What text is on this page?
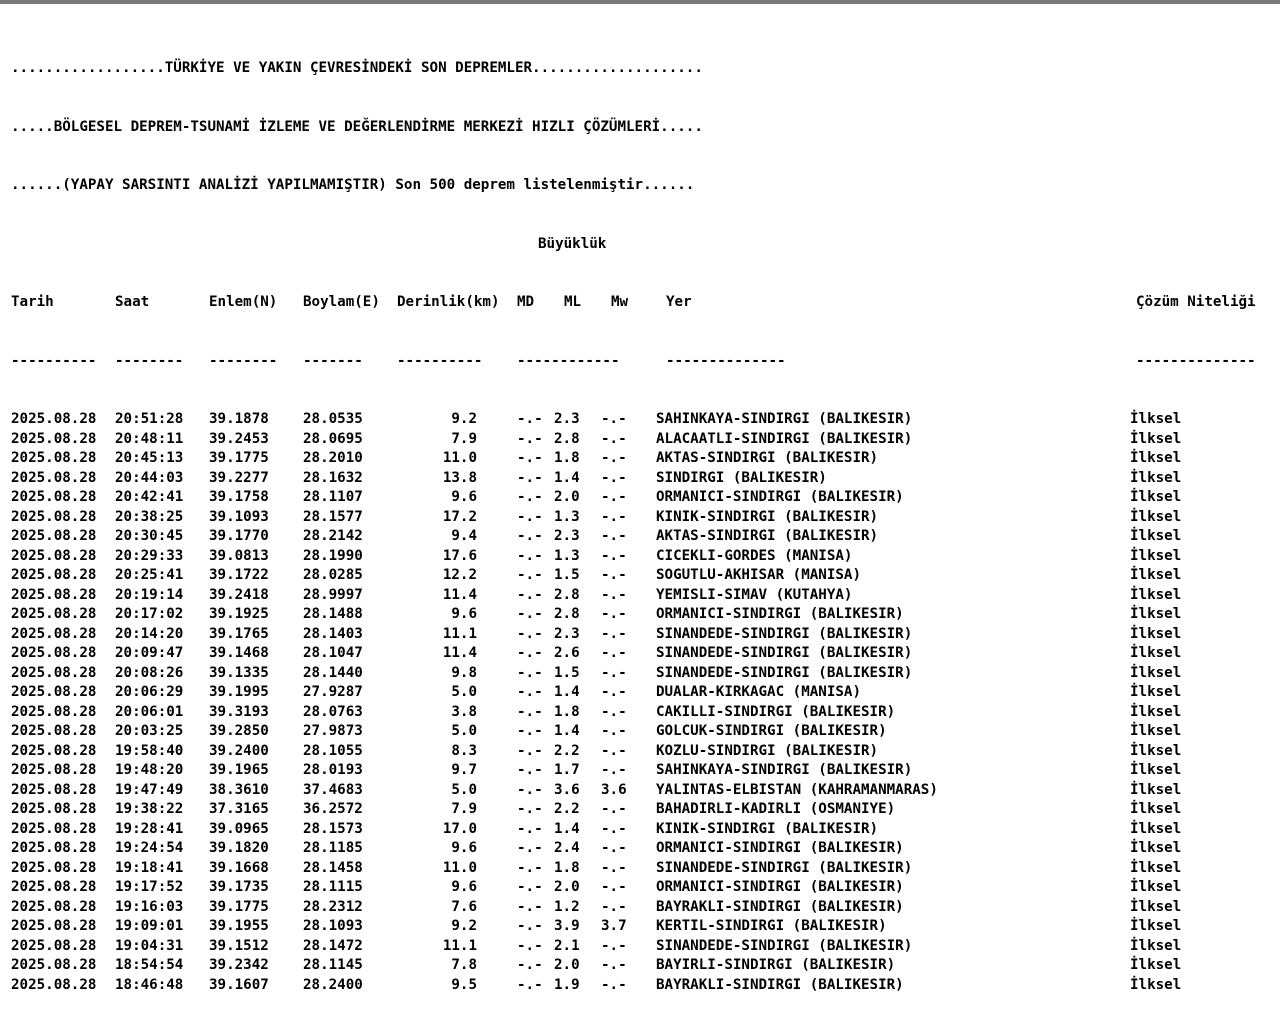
..................TÜRKİYE VE YAKIN ÇEVRESİNDEKİ SON DEPREMLER....................

.....BÖLGESEL DEPREM-TSUNAMİ İZLEME VE DEĞERLENDİRME MERKEZİ HIZLI ÇÖZÜMLERİ.....

......(YAPAY SARSINTI ANALİZİ YAPILMAMIŞTIR) Son 500 deprem listelenmiştir......

Büyüklük

Tarih	Saat	Enlem(N) Boylam(E) Derinlik(km) MD ML Mw	Yer	Çözüm Niteliği

---------- -------- -------- ------- ---------- ------------	--------------	--------------

2025.08.28 20:51:28 39.1878 28.0535	9.2	-.- 2.3 -.- SAHINKAYA-SINDIRGI (BALIKESIR)	İlksel
2025.08.28 20:48:11 39.2453 28.0695	7.9	-.- 2.8 -.- ALACAATLI-SINDIRGI (BALIKESIR)	İlksel
2025.08.28 20:45:13 39.1775 28.2010	11.0	-.- 1.8 -.- AKTAS-SINDIRGI (BALIKESIR)	İlksel
2025.08.28 20:44:03 39.2277 28.1632	13.8	-.- 1.4 -.- SINDIRGI (BALIKESIR)	İlksel
2025.08.28 20:42:41 39.1758 28.1107	9.6	-.- 2.0 -.- ORMANICI-SINDIRGI (BALIKESIR)	İlksel
2025.08.28 20:38:25 39.1093 28.1577	17.2	-.- 1.3 -.- KINIK-SINDIRGI (BALIKESIR)	İlksel
2025.08.28 20:30:45 39.1770 28.2142	9.4	-.- 2.3 -.- AKTAS-SINDIRGI (BALIKESIR)	İlksel
2025.08.28 20:29:33 39.0813 28.1990	17.6	-.- 1.3 -.- CICEKLI-GORDES (MANISA)	İlksel
2025.08.28 20:25:41 39.1722 28.0285	12.2	-.- 1.5 -.- SOGUTLU-AKHISAR (MANISA)	İlksel
2025.08.28 20:19:14 39.2418 28.9997	11.4	-.- 2.8 -.- YEMISLI-SIMAV (KUTAHYA)	İlksel
2025.08.28 20:17:02 39.1925 28.1488	9.6	-.- 2.8 -.- ORMANICI-SINDIRGI (BALIKESIR)	İlksel
2025.08.28 20:14:20 39.1765 28.1403	11.1	-.- 2.3 -.- SINANDEDE-SINDIRGI (BALIKESIR)	İlksel
2025.08.28 20:09:47 39.1468 28.1047	11.4	-.- 2.6 -.- SINANDEDE-SINDIRGI (BALIKESIR)	İlksel
2025.08.28 20:08:26 39.1335 28.1440	9.8	-.- 1.5 -.- SINANDEDE-SINDIRGI (BALIKESIR)	İlksel
2025.08.28 20:06:29 39.1995 27.9287	5.0	-.- 1.4 -.- DUALAR-KIRKAGAC (MANISA)	İlksel
2025.08.28 20:06:01 39.3193 28.0763	3.8	-.- 1.8 -.- CAKILLI-SINDIRGI (BALIKESIR)	İlksel
2025.08.28 20:03:25 39.2850 27.9873	5.0	-.- 1.4 -.- GOLCUK-SINDIRGI (BALIKESIR)	İlksel
2025.08.28 19:58:40 39.2400 28.1055	8.3	-.- 2.2 -.- KOZLU-SINDIRGI (BALIKESIR)	İlksel
2025.08.28 19:48:20 39.1965 28.0193	9.7	-.- 1.7 -.- SAHINKAYA-SINDIRGI (BALIKESIR)	İlksel
2025.08.28 19:47:49 38.3610 37.4683	5.0	-.- 3.6 3.6 YALINTAS-ELBISTAN (KAHRAMANMARAS)	İlksel
2025.08.28 19:38:22 37.3165 36.2572	7.9	-.- 2.2 -.- BAHADIRLI-KADIRLI (OSMANIYE)	İlksel
2025.08.28 19:28:41 39.0965 28.1573	17.0	-.- 1.4 -.- KINIK-SINDIRGI (BALIKESIR)	İlksel
2025.08.28 19:24:54 39.1820 28.1185	9.6	-.- 2.4 -.- ORMANICI-SINDIRGI (BALIKESIR)	İlksel
2025.08.28 19:18:41 39.1668 28.1458	11.0	-.- 1.8 -.- SINANDEDE-SINDIRGI (BALIKESIR)	İlksel
2025.08.28 19:17:52 39.1735 28.1115	9.6	-.- 2.0 -.- ORMANICI-SINDIRGI (BALIKESIR)	İlksel
2025.08.28 19:16:03 39.1775 28.2312	7.6	-.- 1.2 -.- BAYRAKLI-SINDIRGI (BALIKESIR)	İlksel
2025.08.28 19:09:01 39.1955 28.1093	9.2	-.- 3.9 3.7 KERTIL-SINDIRGI (BALIKESIR)	İlksel
2025.08.28 19:04:31 39.1512 28.1472	11.1	-.- 2.1 -.- SINANDEDE-SINDIRGI (BALIKESIR)	İlksel
2025.08.28 18:54:54 39.2342 28.1145	7.8	-.- 2.0 -.- BAYIRLI-SINDIRGI (BALIKESIR)	İlksel
2025.08.28 18:46:48 39.1607 28.2400	9.5	-.- 1.9 -.- BAYRAKLI-SINDIRGI (BALIKESIR)	İlksel
